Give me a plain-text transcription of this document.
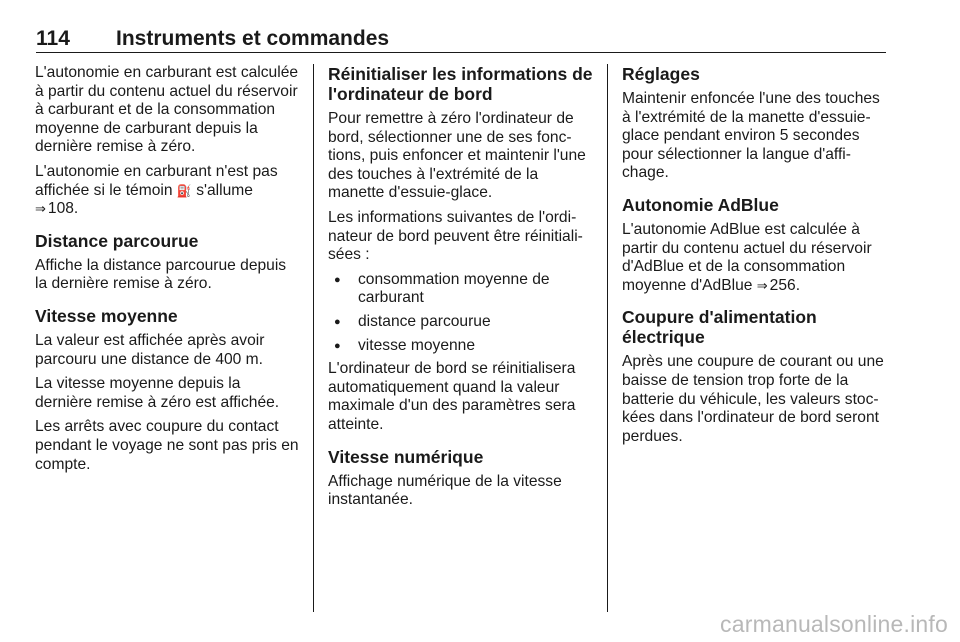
114 Instruments et commandes

L'autonomie en carburant est calculée à partir du contenu actuel du réservoir à carburant et de la consommation moyenne de carburant depuis la dernière remise à zéro.

L'autonomie en carburant n'est pas affichée si le témoin ⛽ s'allume
⇒ 108.

Distance parcourue

Affiche la distance parcourue depuis la dernière remise à zéro.

Vitesse moyenne

La valeur est affichée après avoir parcouru une distance de 400 m.

La vitesse moyenne depuis la dernière remise à zéro est affichée.

Les arrêts avec coupure du contact pendant le voyage ne sont pas pris en compte.

Réinitialiser les informations de l'ordinateur de bord

Pour remettre à zéro l'ordinateur de bord, sélectionner une de ses fonctions, puis enfoncer et maintenir l'une des touches à l'extrémité de la manette d'essuie-glace.

Les informations suivantes de l'ordinateur de bord peuvent être réinitialisées :

● consommation moyenne de carburant
● distance parcourue
● vitesse moyenne

L'ordinateur de bord se réinitialisera automatiquement quand la valeur maximale d'un des paramètres sera atteinte.

Vitesse numérique

Affichage numérique de la vitesse instantanée.

Réglages

Maintenir enfoncée l'une des touches à l'extrémité de la manette d'essuie-glace pendant environ 5 secondes pour sélectionner la langue d'affichage.

Autonomie AdBlue

L'autonomie AdBlue est calculée à partir du contenu actuel du réservoir d'AdBlue et de la consommation moyenne d'AdBlue ⇒ 256.

Coupure d'alimentation électrique

Après une coupure de courant ou une baisse de tension trop forte de la batterie du véhicule, les valeurs stockées dans l'ordinateur de bord seront perdues.

carmanualsonline.info
